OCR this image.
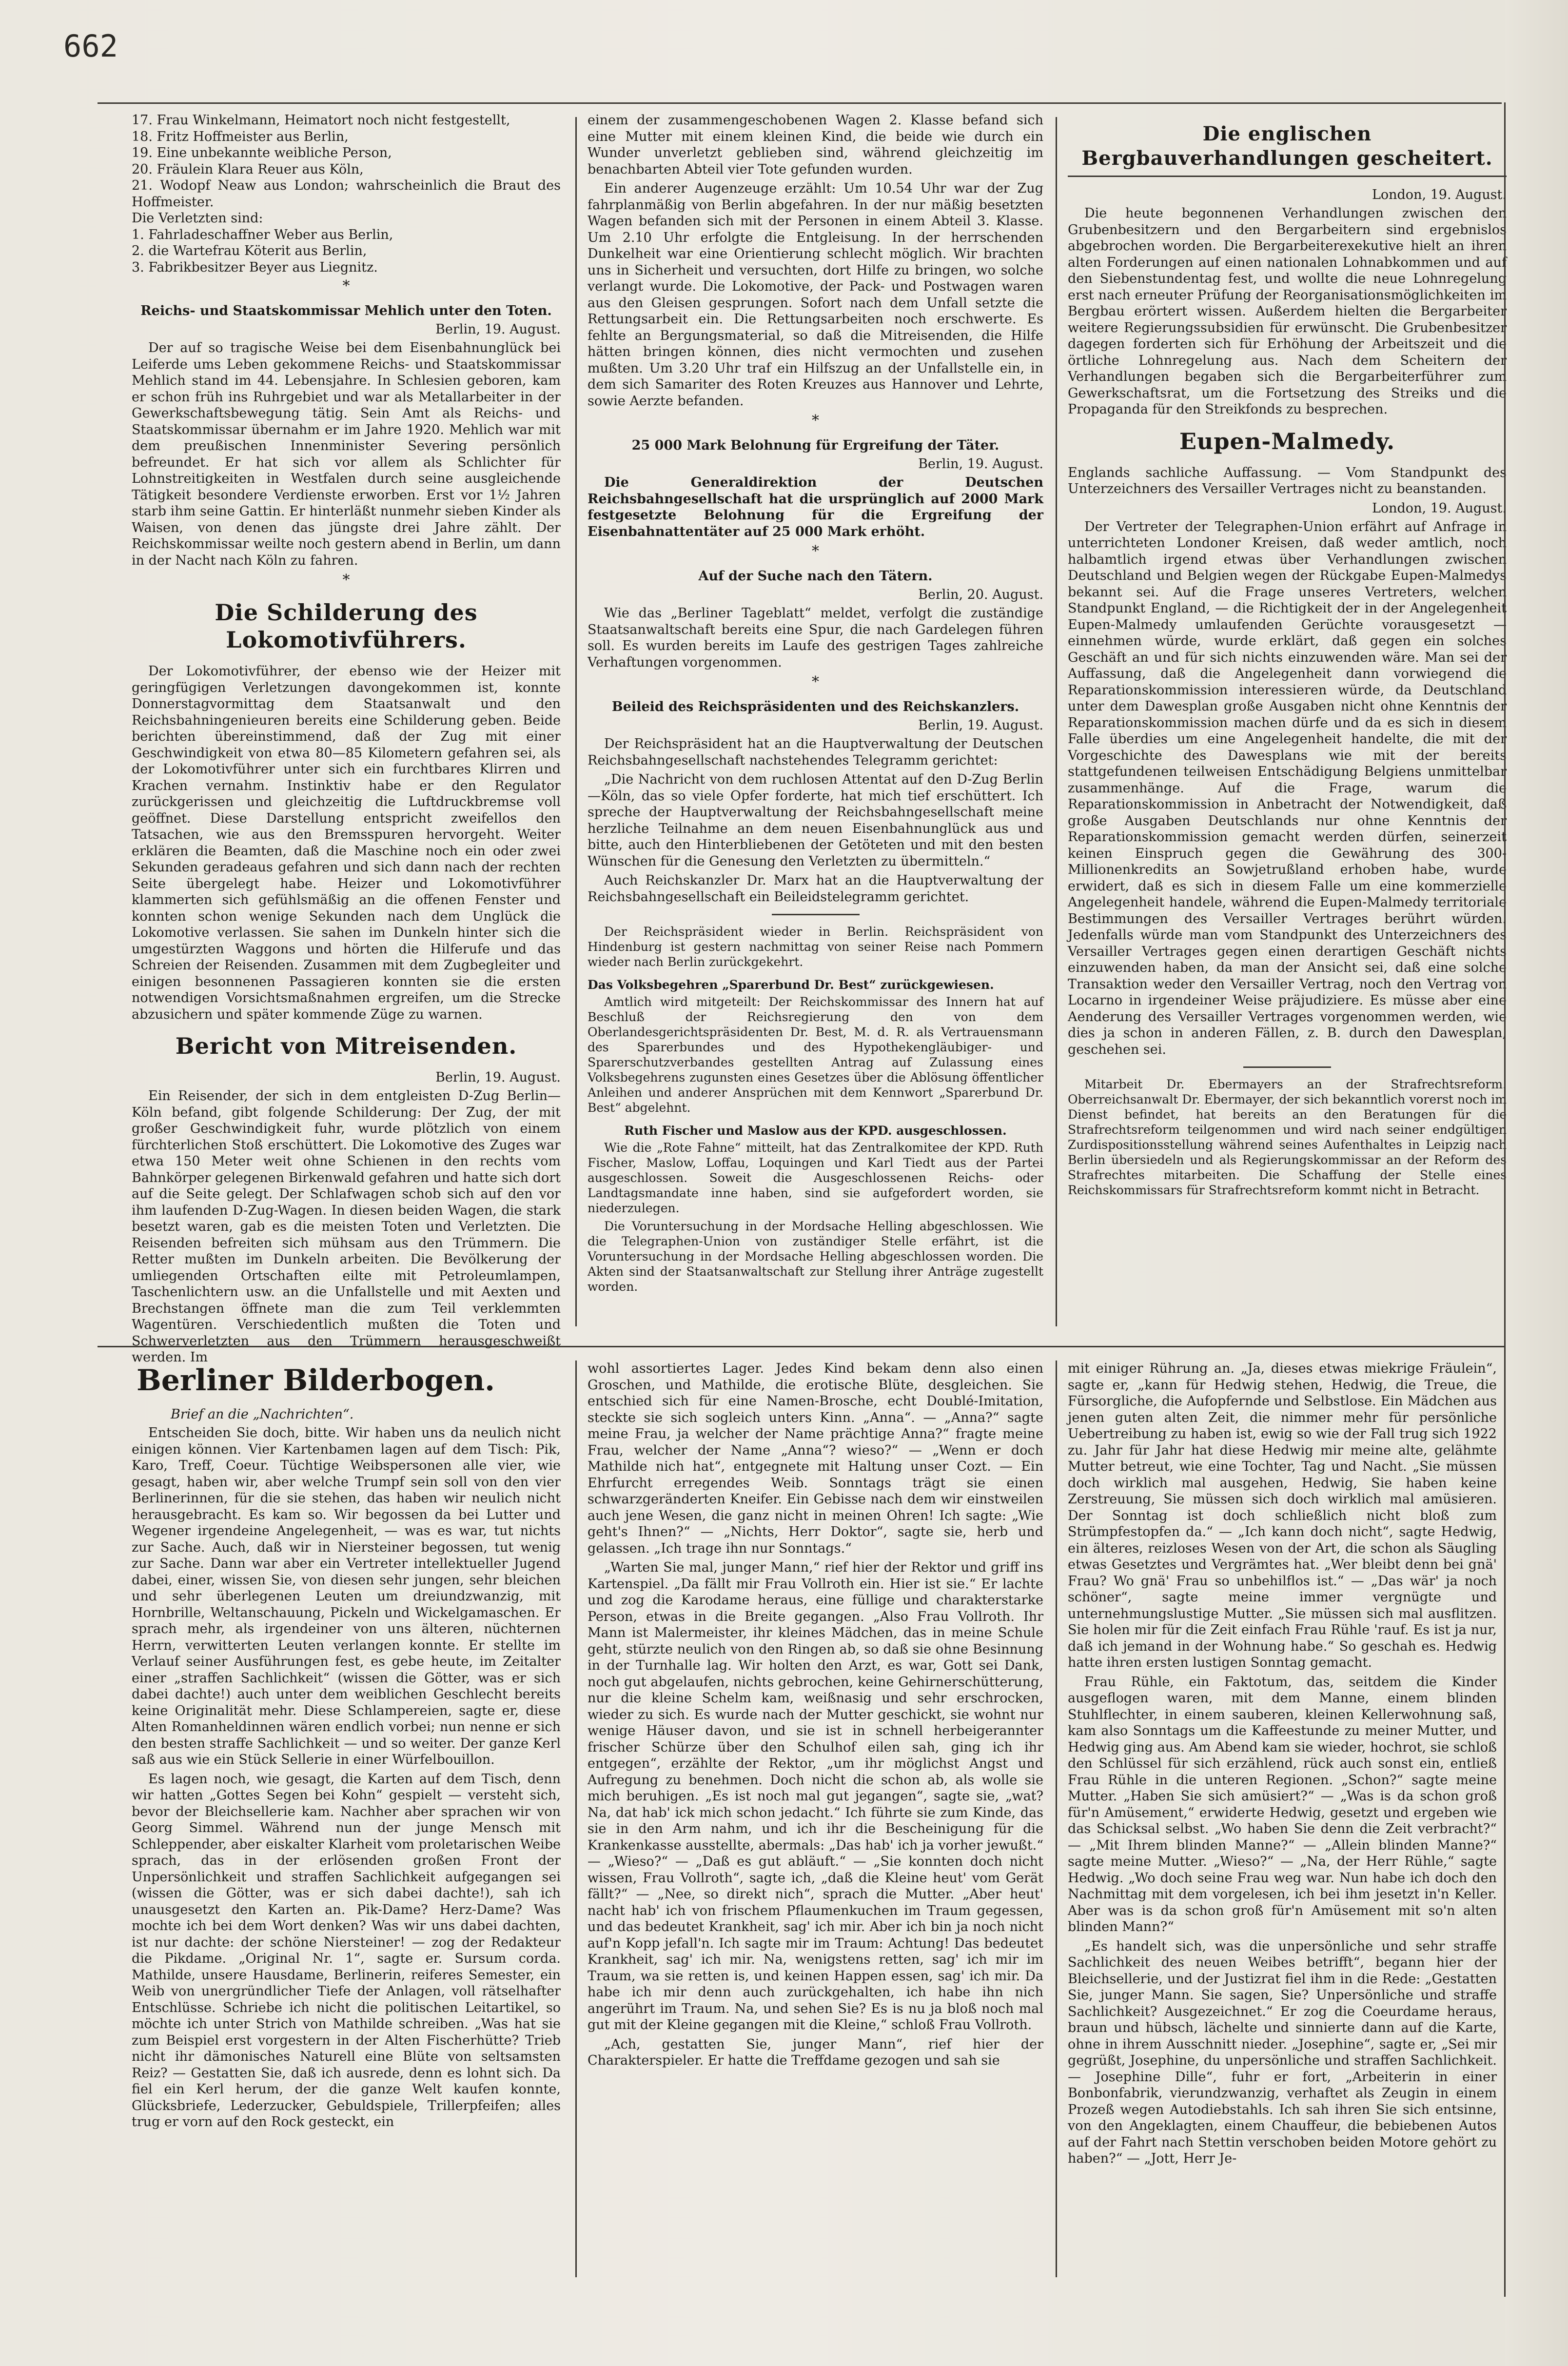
662
17. Frau Winkelmann, Heimatort noch nicht festgestellt,
18. Fritz Hoffmeister aus Berlin,
19. Eine unbekannte weibliche Person,
20. Fräulein Klara Reuer aus Köln,
21. Wodopf Neaw aus London; wahrscheinlich die Braut des Hoffmeister.
Die Verletzten sind:
1. Fahrladeschaffner Weber aus Berlin,
2. die Wartefrau Köterit aus Berlin,
3. Fabrikbesitzer Beyer aus Liegnitz.
*
Reichs- und Staatskommissar Mehlich unter den Toten.
Berlin, 19. August.

Der auf so tragische Weise bei dem Eisenbahnunglück bei Leiferde ums Leben gekommene Reichs- und Staatskommissar Mehlich stand im 44. Lebensjahre. In Schlesien geboren, kam er schon früh ins Ruhrgebiet und war als Metallarbeiter in der Gewerkschaftsbewegung tätig. Sein Amt als Reichs- und Staatskommissar übernahm er im Jahre 1920. Mehlich war mit dem preußischen Innenminister Severing persönlich befreundet. Er hat sich vor allem als Schlichter für Lohnstreitigkeiten in Westfalen durch seine ausgleichende Tätigkeit besondere Verdienste erworben. Erst vor 1½ Jahren starb ihm seine Gattin. Er hinterläßt nunmehr sieben Kinder als Waisen, von denen das jüngste drei Jahre zählt. Der Reichskommissar weilte noch gestern abend in Berlin, um dann in der Nacht nach Köln zu fahren.

*
Die Schilderung des Lokomotivführers.

Der Lokomotivführer, der ebenso wie der Heizer mit geringfügigen Verletzungen davongekommen ist, konnte Donnerstagvormittag dem Staatsanwalt und den Reichsbahningenieuren bereits eine Schilderung geben. Beide berichten übereinstimmend, daß der Zug mit einer Geschwindigkeit von etwa 80—85 Kilometern gefahren sei, als der Lokomotivführer unter sich ein furchtbares Klirren und Krachen vernahm. Instinktiv habe er den Regulator zurückgerissen und gleichzeitig die Luftdruckbremse voll geöffnet. Diese Darstellung entspricht zweifellos den Tatsachen, wie aus den Bremsspuren hervorgeht. Weiter erklären die Beamten, daß die Maschine noch ein oder zwei Sekunden geradeaus gefahren und sich dann nach der rechten Seite übergelegt habe. Heizer und Lokomotivführer klammerten sich gefühlsmäßig an die offenen Fenster und konnten schon wenige Sekunden nach dem Unglück die Lokomotive verlassen. Sie sahen im Dunkeln hinter sich die umgestürzten Waggons und hörten die Hilferufe und das Schreien der Reisenden. Zusammen mit dem Zugbegleiter und einigen besonnenen Passagieren konnten sie die ersten notwendigen Vorsichtsmaßnahmen ergreifen, um die Strecke abzusichern und später kommende Züge zu warnen.

Bericht von Mitreisenden.
Berlin, 19. August.

Ein Reisender, der sich in dem entgleisten D-Zug Berlin—Köln befand, gibt folgende Schilderung: Der Zug, der mit großer Geschwindigkeit fuhr, wurde plötzlich von einem fürchterlichen Stoß erschüttert. Die Lokomotive des Zuges war etwa 150 Meter weit ohne Schienen in den rechts vom Bahnkörper gelegenen Birkenwald gefahren und hatte sich dort auf die Seite gelegt. Der Schlafwagen schob sich auf den vor ihm laufenden D-Zug-Wagen. In diesen beiden Wagen, die stark besetzt waren, gab es die meisten Toten und Verletzten. Die Reisenden befreiten sich mühsam aus den Trümmern. Die Retter mußten im Dunkeln arbeiten. Die Bevölkerung der umliegenden Ortschaften eilte mit Petroleumlampen, Taschenlichtern usw. an die Unfallstelle und mit Aexten und Brechstangen öffnete man die zum Teil verklemmten Wagentüren. Verschiedentlich mußten die Toten und Schwerverletzten aus den Trümmern herausgeschweißt werden. Im

einem der zusammengeschobenen Wagen 2. Klasse befand sich eine Mutter mit einem kleinen Kind, die beide wie durch ein Wunder unverletzt geblieben sind, während gleichzeitig im benachbarten Abteil vier Tote gefunden wurden.

Ein anderer Augenzeuge erzählt: Um 10.54 Uhr war der Zug fahrplanmäßig von Berlin abgefahren. In der nur mäßig besetzten Wagen befanden sich mit der Personen in einem Abteil 3. Klasse. Um 2.10 Uhr erfolgte die Entgleisung. In der herrschenden Dunkelheit war eine Orientierung schlecht möglich. Wir brachten uns in Sicherheit und versuchten, dort Hilfe zu bringen, wo solche verlangt wurde. Die Lokomotive, der Pack- und Postwagen waren aus den Gleisen gesprungen. Sofort nach dem Unfall setzte die Rettungsarbeit ein. Die Rettungsarbeiten noch erschwerte. Es fehlte an Bergungsmaterial, so daß die Mitreisenden, die Hilfe hätten bringen können, dies nicht vermochten und zusehen mußten. Um 3.20 Uhr traf ein Hilfszug an der Unfallstelle ein, in dem sich Samariter des Roten Kreuzes aus Hannover und Lehrte, sowie Aerzte befanden.

*
25 000 Mark Belohnung für Ergreifung der Täter.
Berlin, 19. August.

Die Generaldirektion der Deutschen Reichsbahngesellschaft hat die ursprünglich auf 2000 Mark festgesetzte Belohnung für die Ergreifung der Eisenbahnattentäter auf 25 000 Mark erhöht.

*
Auf der Suche nach den Tätern.
Berlin, 20. August.

Wie das „Berliner Tageblatt“ meldet, verfolgt die zuständige Staatsanwaltschaft bereits eine Spur, die nach Gardelegen führen soll. Es wurden bereits im Laufe des gestrigen Tages zahlreiche Verhaftungen vorgenommen.

*
Beileid des Reichspräsidenten und des Reichskanzlers.
Berlin, 19. August.

Der Reichspräsident hat an die Hauptverwaltung der Deutschen Reichsbahngesellschaft nachstehendes Telegramm gerichtet:

„Die Nachricht von dem ruchlosen Attentat auf den D-Zug Berlin—Köln, das so viele Opfer forderte, hat mich tief erschüttert. Ich spreche der Hauptverwaltung der Reichsbahngesellschaft meine herzliche Teilnahme an dem neuen Eisenbahnunglück aus und bitte, auch den Hinterbliebenen der Getöteten und mit den besten Wünschen für die Genesung den Verletzten zu übermitteln.“

Auch Reichskanzler Dr. Marx hat an die Hauptverwaltung der Reichsbahngesellschaft ein Beileidstelegramm gerichtet.

Der Reichspräsident wieder in Berlin. Reichspräsident von Hindenburg ist gestern nachmittag von seiner Reise nach Pommern wieder nach Berlin zurückgekehrt.

Das Volksbegehren „Sparerbund Dr. Best“ zurückgewiesen.

Amtlich wird mitgeteilt: Der Reichskommissar des Innern hat auf Beschluß der Reichsregierung den von dem Oberlandesgerichtspräsidenten Dr. Best, M. d. R. als Vertrauensmann des Sparerbundes und des Hypothekengläubiger- und Sparerschutzverbandes gestellten Antrag auf Zulassung eines Volksbegehrens zugunsten eines Gesetzes über die Ablösung öffentlicher Anleihen und anderer Ansprüchen mit dem Kennwort „Sparerbund Dr. Best“ abgelehnt.

Ruth Fischer und Maslow aus der KPD. ausgeschlossen.

Wie die „Rote Fahne“ mitteilt, hat das Zentralkomitee der KPD. Ruth Fischer, Maslow, Loffau, Loquingen und Karl Tiedt aus der Partei ausgeschlossen. Soweit die Ausgeschlossenen Reichs- oder Landtagsmandate inne haben, sind sie aufgefordert worden, sie niederzulegen.

Die Voruntersuchung in der Mordsache Helling abgeschlossen. Wie die Telegraphen-Union von zuständiger Stelle erfährt, ist die Voruntersuchung in der Mordsache Helling abgeschlossen worden. Die Akten sind der Staatsanwaltschaft zur Stellung ihrer Anträge zugestellt worden.

Die englischen Bergbauverhandlungen gescheitert.
London, 19. August.

Die heute begonnenen Verhandlungen zwischen den Grubenbesitzern und den Bergarbeitern sind ergebnislos abgebrochen worden. Die Bergarbeiterexekutive hielt an ihren alten Forderungen auf einen nationalen Lohnabkommen und auf den Siebenstundentag fest, und wollte die neue Lohnregelung erst nach erneuter Prüfung der Reorganisationsmöglichkeiten im Bergbau erörtert wissen. Außerdem hielten die Bergarbeiter weitere Regierungssubsidien für erwünscht. Die Grubenbesitzer dagegen forderten sich für Erhöhung der Arbeitszeit und die örtliche Lohnregelung aus. Nach dem Scheitern der Verhandlungen begaben sich die Bergarbeiterführer zum Gewerkschaftsrat, um die Fortsetzung des Streiks und die Propaganda für den Streikfonds zu besprechen.

Eupen-Malmedy.

Englands sachliche Auffassung. — Vom Standpunkt des Unterzeichners des Versailler Vertrages nicht zu beanstanden.

London, 19. August.

Der Vertreter der Telegraphen-Union erfährt auf Anfrage in unterrichteten Londoner Kreisen, daß weder amtlich, noch halbamtlich irgend etwas über Verhandlungen zwischen Deutschland und Belgien wegen der Rückgabe Eupen-Malmedys bekannt sei. Auf die Frage unseres Vertreters, welchen Standpunkt England, — die Richtigkeit der in der Angelegenheit Eupen-Malmedy umlaufenden Gerüchte vorausgesetzt — einnehmen würde, wurde erklärt, daß gegen ein solches Geschäft an und für sich nichts einzuwenden wäre. Man sei der Auffassung, daß die Angelegenheit dann vorwiegend die Reparationskommission interessieren würde, da Deutschland unter dem Dawesplan große Ausgaben nicht ohne Kenntnis der Reparationskommission machen dürfe und da es sich in diesem Falle überdies um eine Angelegenheit handelte, die mit der Vorgeschichte des Dawesplans wie mit der bereits stattgefundenen teilweisen Entschädigung Belgiens unmittelbar zusammenhänge. Auf die Frage, warum die Reparationskommission in Anbetracht der Notwendigkeit, daß große Ausgaben Deutschlands nur ohne Kenntnis der Reparationskommission gemacht werden dürfen, seinerzeit keinen Einspruch gegen die Gewährung des 300-Millionenkredits an Sowjetrußland erhoben habe, wurde erwidert, daß es sich in diesem Falle um eine kommerzielle Angelegenheit handele, während die Eupen-Malmedy territoriale Bestimmungen des Versailler Vertrages berührt würden. Jedenfalls würde man vom Standpunkt des Unterzeichners des Versailler Vertrages gegen einen derartigen Geschäft nichts einzuwenden haben, da man der Ansicht sei, daß eine solche Transaktion weder den Versailler Vertrag, noch den Vertrag von Locarno in irgendeiner Weise präjudiziere. Es müsse aber eine Aenderung des Versailler Vertrages vorgenommen werden, wie dies ja schon in anderen Fällen, z. B. durch den Dawesplan, geschehen sei.

Mitarbeit Dr. Ebermayers an der Strafrechtsreform. Oberreichsanwalt Dr. Ebermayer, der sich bekanntlich vorerst noch im Dienst befindet, hat bereits an den Beratungen für die Strafrechtsreform teilgenommen und wird nach seiner endgültigen Zurdispositionsstellung während seines Aufenthaltes in Leipzig nach Berlin übersiedeln und als Regierungskommissar an der Reform des Strafrechtes mitarbeiten. Die Schaffung der Stelle eines Reichskommissars für Strafrechtsreform kommt nicht in Betracht.

Berliner Bilderbogen.
Brief an die „Nachrichten“.

Entscheiden Sie doch, bitte. Wir haben uns da neulich nicht einigen können. Vier Kartenbamen lagen auf dem Tisch: Pik, Karo, Treff, Coeur. Tüchtige Weibspersonen alle vier, wie gesagt, haben wir, aber welche Trumpf sein soll von den vier Berlinerinnen, für die sie stehen, das haben wir neulich nicht herausgebracht. Es kam so. Wir begossen da bei Lutter und Wegener irgendeine Angelegenheit, — was es war, tut nichts zur Sache. Auch, daß wir in Niersteiner begossen, tut wenig zur Sache. Dann war aber ein Vertreter intellektueller Jugend dabei, einer, wissen Sie, von diesen sehr jungen, sehr bleichen und sehr überlegenen Leuten um dreiundzwanzig, mit Hornbrille, Weltanschauung, Pickeln und Wickelgamaschen. Er sprach mehr, als irgendeiner von uns älteren, nüchternen Herrn, verwitterten Leuten verlangen konnte. Er stellte im Verlauf seiner Ausführungen fest, es gebe heute, im Zeitalter einer „straffen Sachlichkeit“ (wissen die Götter, was er sich dabei dachte!) auch unter dem weiblichen Geschlecht bereits keine Originalität mehr. Diese Schlampereien, sagte er, diese Alten Romanheldinnen wären endlich vorbei; nun nenne er sich den besten straffe Sachlichkeit — und so weiter. Der ganze Kerl saß aus wie ein Stück Sellerie in einer Würfelbouillon.

Es lagen noch, wie gesagt, die Karten auf dem Tisch, denn wir hatten „Gottes Segen bei Kohn“ gespielt — versteht sich, bevor der Bleichsellerie kam. Nachher aber sprachen wir von Georg Simmel. Während nun der junge Mensch mit Schleppender, aber eiskalter Klarheit vom proletarischen Weibe sprach, das in der erlösenden großen Front der Unpersönlichkeit und straffen Sachlichkeit aufgegangen sei (wissen die Götter, was er sich dabei dachte!), sah ich unausgesetzt den Karten an. Pik-Dame? Herz-Dame? Was mochte ich bei dem Wort denken? Was wir uns dabei dachten, ist nur dachte: der schöne Niersteiner! — zog der Redakteur die Pikdame. „Original Nr. 1“, sagte er. Sursum corda. Mathilde, unsere Hausdame, Berlinerin, reiferes Semester, ein Weib von unergründlicher Tiefe der Anlagen, voll rätselhafter Entschlüsse. Schriebe ich nicht die politischen Leitartikel, so möchte ich unter Strich von Mathilde schreiben. „Was hat sie zum Beispiel erst vorgestern in der Alten Fischerhütte? Trieb nicht ihr dämonisches Naturell eine Blüte von seltsamsten Reiz? — Gestatten Sie, daß ich ausrede, denn es lohnt sich. Da fiel ein Kerl herum, der die ganze Welt kaufen konnte, Glücksbriefe, Lederzucker, Gebuldspiele, Trillerpfeifen; alles trug er vorn auf den Rock gesteckt, ein

wohl assortiertes Lager. Jedes Kind bekam denn also einen Groschen, und Mathilde, die erotische Blüte, desgleichen. Sie entschied sich für eine Namen-Brosche, echt Doublé-Imitation, steckte sie sich sogleich unters Kinn. „Anna“. — „Anna?“ sagte meine Frau, ja welcher der Name prächtige Anna?“ fragte meine Frau, welcher der Name „Anna“? wieso?“ — „Wenn er doch Mathilde nich hat“, entgegnete mit Haltung unser Cozt. — Ein Ehrfurcht erregendes Weib. Sonntags trägt sie einen schwarzgeränderten Kneifer. Ein Gebisse nach dem wir einstweilen auch jene Wesen, die ganz nicht in meinen Ohren! Ich sagte: „Wie geht's Ihnen?“ — „Nichts, Herr Doktor“, sagte sie, herb und gelassen. „Ich trage ihn nur Sonntags.“

„Warten Sie mal, junger Mann,“ rief hier der Rektor und griff ins Kartenspiel. „Da fällt mir Frau Vollroth ein. Hier ist sie.“ Er lachte und zog die Karodame heraus, eine füllige und charakterstarke Person, etwas in die Breite gegangen. „Also Frau Vollroth. Ihr Mann ist Malermeister, ihr kleines Mädchen, das in meine Schule geht, stürzte neulich von den Ringen ab, so daß sie ohne Besinnung in der Turnhalle lag. Wir holten den Arzt, es war, Gott sei Dank, noch gut abgelaufen, nichts gebrochen, keine Gehirnerschütterung, nur die kleine Schelm kam, weißnasig und sehr erschrocken, wieder zu sich. Es wurde nach der Mutter geschickt, sie wohnt nur wenige Häuser davon, und sie ist in schnell herbeigerannter frischer Schürze über den Schulhof eilen sah, ging ich ihr entgegen“, erzählte der Rektor, „um ihr möglichst Angst und Aufregung zu benehmen. Doch nicht die schon ab, als wolle sie mich beruhigen. „Es ist noch mal gut jegangen“, sagte sie, „wat? Na, dat hab' ick mich schon jedacht.“ Ich führte sie zum Kinde, das sie in den Arm nahm, und ich ihr die Bescheinigung für die Krankenkasse ausstellte, abermals: „Das hab' ich ja vorher jewußt.“ — „Wieso?“ — „Daß es gut abläuft.“ — „Sie konnten doch nicht wissen, Frau Vollroth“, sagte ich, „daß die Kleine heut' vom Gerät fällt?“ — „Nee, so direkt nich“, sprach die Mutter. „Aber heut' nacht hab' ich von frischem Pflaumenkuchen im Traum gegessen, und das bedeutet Krankheit, sag' ich mir. Aber ich bin ja noch nicht auf'n Kopp jefall'n. Ich sagte mir im Traum: Achtung! Das bedeutet Krankheit, sag' ich mir. Na, wenigstens retten, sag' ich mir im Traum, wa sie retten is, und keinen Happen essen, sag' ich mir. Da habe ich mir denn auch zurückgehalten, ich habe ihn nich angerührt im Traum. Na, und sehen Sie? Es is nu ja bloß noch mal gut mit der Kleine gegangen mit die Kleine,“ schloß Frau Vollroth.

„Ach, gestatten Sie, junger Mann“, rief hier der Charakterspieler. Er hatte die Treffdame gezogen und sah sie

mit einiger Rührung an. „Ja, dieses etwas miekrige Fräulein“, sagte er, „kann für Hedwig stehen, Hedwig, die Treue, die Fürsorgliche, die Aufopfernde und Selbstlose. Ein Mädchen aus jenen guten alten Zeit, die nimmer mehr für persönliche Uebertreibung zu haben ist, ewig so wie der Fall trug sich 1922 zu. Jahr für Jahr hat diese Hedwig mir meine alte, gelähmte Mutter betreut, wie eine Tochter, Tag und Nacht. „Sie müssen doch wirklich mal ausgehen, Hedwig, Sie haben keine Zerstreuung, Sie müssen sich doch wirklich mal amüsieren. Der Sonntag ist doch schließlich nicht bloß zum Strümpfestopfen da.“ — „Ich kann doch nicht“, sagte Hedwig, ein älteres, reizloses Wesen von der Art, die schon als Säugling etwas Gesetztes und Vergrämtes hat. „Wer bleibt denn bei gnä' Frau? Wo gnä' Frau so unbehilflos ist.“ — „Das wär' ja noch schöner“, sagte meine immer vergnügte und unternehmungslustige Mutter. „Sie müssen sich mal ausflitzen. Sie holen mir für die Zeit einfach Frau Rühle 'rauf. Es ist ja nur, daß ich jemand in der Wohnung habe.“ So geschah es. Hedwig hatte ihren ersten lustigen Sonntag gemacht.

Frau Rühle, ein Faktotum, das, seitdem die Kinder ausgeflogen waren, mit dem Manne, einem blinden Stuhlflechter, in einem sauberen, kleinen Kellerwohnung saß, kam also Sonntags um die Kaffeestunde zu meiner Mutter, und Hedwig ging aus. Am Abend kam sie wieder, hochrot, sie schloß den Schlüssel für sich erzählend, rück auch sonst ein, entließ Frau Rühle in die unteren Regionen. „Schon?“ sagte meine Mutter. „Haben Sie sich amüsiert?“ — „Was is da schon groß für'n Amüsement,“ erwiderte Hedwig, gesetzt und ergeben wie das Schicksal selbst. „Wo haben Sie denn die Zeit verbracht?“ — „Mit Ihrem blinden Manne?“ — „Allein blinden Manne?“ sagte meine Mutter. „Wieso?“ — „Na, der Herr Rühle,“ sagte Hedwig. „Wo doch seine Frau weg war. Nun habe ich doch den Nachmittag mit dem vorgelesen, ich bei ihm jesetzt in'n Keller. Aber was is da schon groß für'n Amüsement mit so'n alten blinden Mann?“

„Es handelt sich, was die unpersönliche und sehr straffe Sachlichkeit des neuen Weibes betrifft“, begann hier der Bleichsellerie, und der Justizrat fiel ihm in die Rede: „Gestatten Sie, junger Mann. Sie sagen, Sie? Unpersönliche und straffe Sachlichkeit? Ausgezeichnet.“ Er zog die Coeurdame heraus, braun und hübsch, lächelte und sinnierte dann auf die Karte, ohne in ihrem Ausschnitt nieder. „Josephine“, sagte er, „Sei mir gegrüßt, Josephine, du unpersönliche und straffen Sachlichkeit. — Josephine Dille“, fuhr er fort, „Arbeiterin in einer Bonbonfabrik, vierundzwanzig, verhaftet als Zeugin in einem Prozeß wegen Autodiebstahls. Ich sah ihren Sie sich entsinne, von den Angeklagten, einem Chauffeur, die bebiebenen Autos auf der Fahrt nach Stettin verschoben beiden Motore gehört zu haben?“ — „Jott, Herr Je-
